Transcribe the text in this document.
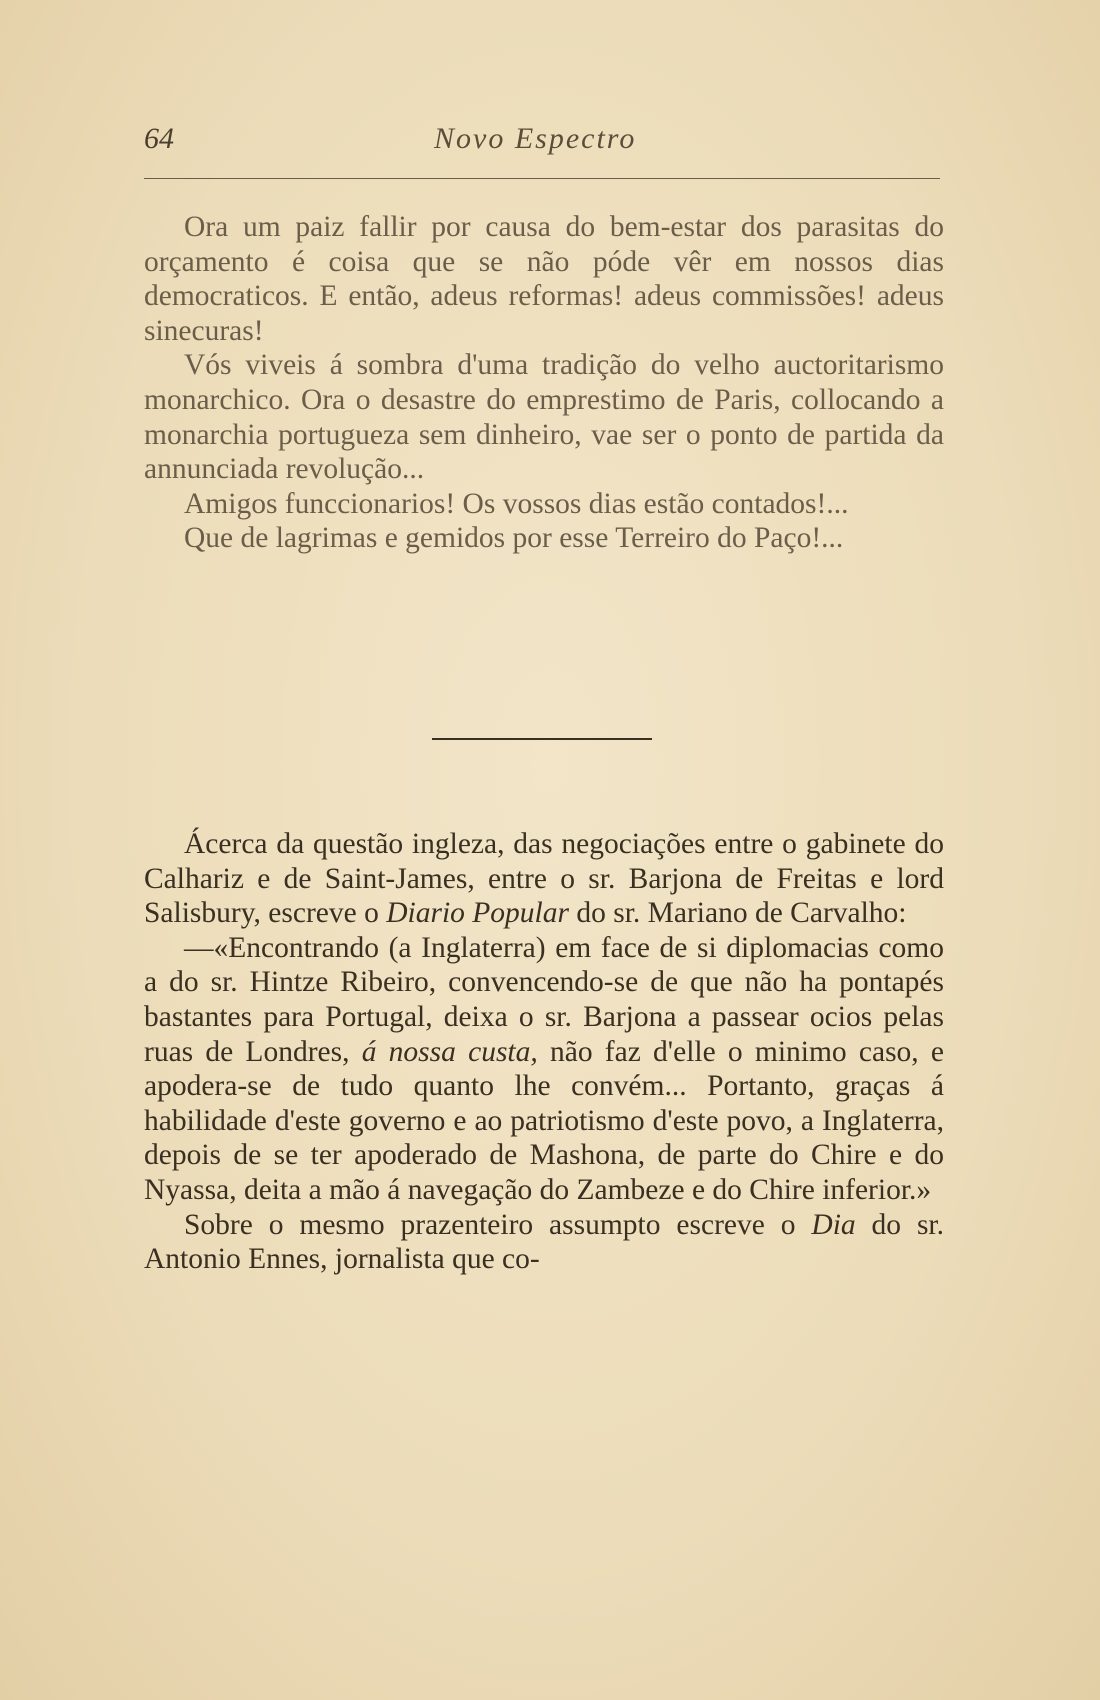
64	Novo Espectro

Ora um paiz fallir por causa do bem-estar dos parasitas do orçamento é coisa que se não póde vêr em nossos dias democraticos. E então, adeus reformas! adeus commissões! adeus sinecuras!

Vós viveis á sombra d'uma tradição do velho auctoritarismo monarchico. Ora o desastre do emprestimo de Paris, collocando a monarchia portugueza sem dinheiro, vae ser o ponto de partida da annunciada revolução...

Amigos funccionarios! Os vossos dias estão contados!...

Que de lagrimas e gemidos por esse Terreiro do Paço!...

Ácerca da questão ingleza, das negociações entre o gabinete do Calhariz e de Saint-James, entre o sr. Barjona de Freitas e lord Salisbury, escreve o Diario Popular do sr. Mariano de Carvalho:

—«Encontrando (a Inglaterra) em face de si diplomacias como a do sr. Hintze Ribeiro, convencendo-se de que não ha pontapés bastantes para Portugal, deixa o sr. Barjona a passear ocios pelas ruas de Londres, á nossa custa, não faz d'elle o minimo caso, e apodera-se de tudo quanto lhe convém... Portanto, graças á habilidade d'este governo e ao patriotismo d'este povo, a Inglaterra, depois de se ter apoderado de Mashona, de parte do Chire e do Nyassa, deita a mão á navegação do Zambeze e do Chire inferior.»

Sobre o mesmo prazenteiro assumpto escreve o Dia do sr. Antonio Ennes, jornalista que co-
